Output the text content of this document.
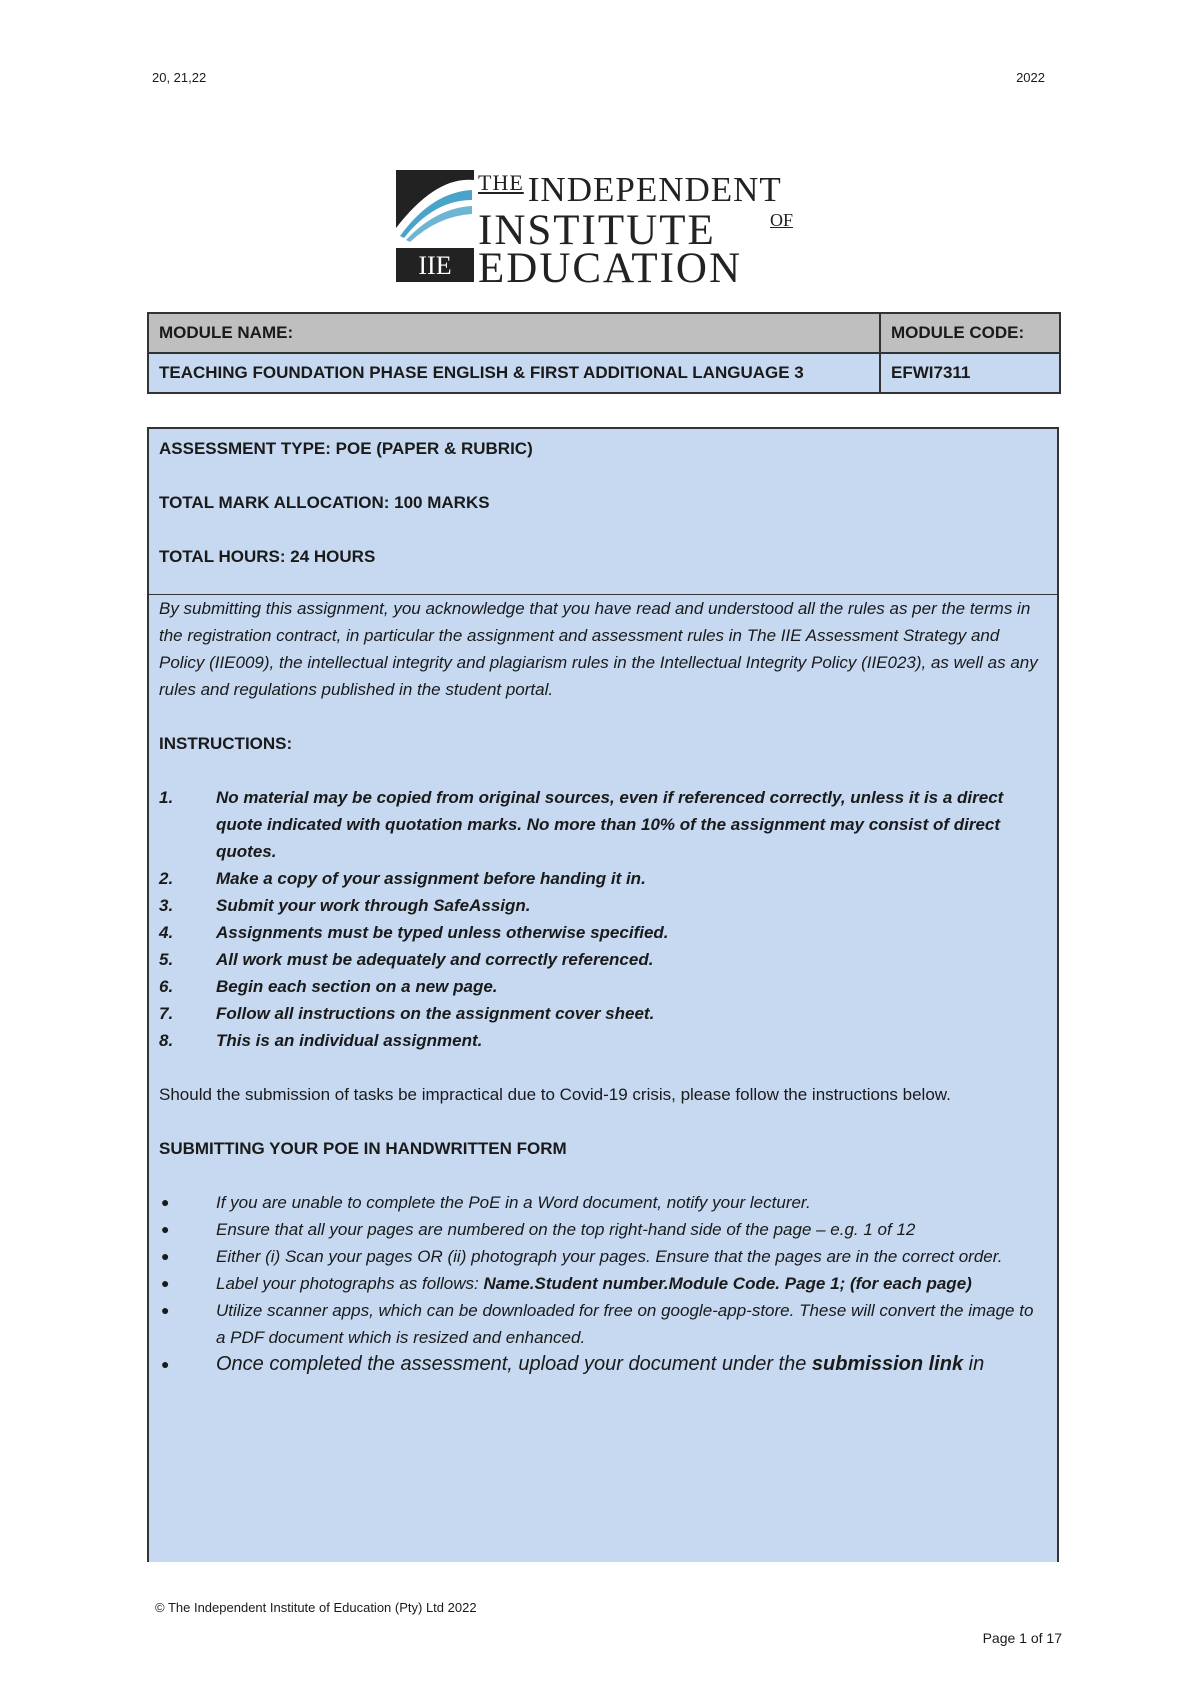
20, 21,22	2022
IIE
THE INDEPENDENT
INSTITUTE	OF
EDUCATION
MODULE NAME:	MODULE CODE:
TEACHING FOUNDATION PHASE ENGLISH & FIRST ADDITIONAL LANGUAGE 3	EFWI7311

ASSESSMENT TYPE: POE (PAPER & RUBRIC)

TOTAL MARK ALLOCATION: 100 MARKS

TOTAL HOURS: 24 HOURS

By submitting this assignment, you acknowledge that you have read and understood all the rules as per the terms in the registration contract, in particular the assignment and assessment rules in The IIE Assessment Strategy and Policy (IIE009), the intellectual integrity and plagiarism rules in the Intellectual Integrity Policy (IIE023), as well as any rules and regulations published in the student portal.

INSTRUCTIONS:

1.	No material may be copied from original sources, even if referenced correctly, unless it is a direct quote indicated with quotation marks. No more than 10% of the assignment may consist of direct quotes.
2.	Make a copy of your assignment before handing it in.
3.	Submit your work through SafeAssign.
4.	Assignments must be typed unless otherwise specified.
5.	All work must be adequately and correctly referenced.
6.	Begin each section on a new page.
7.	Follow all instructions on the assignment cover sheet.
8.	This is an individual assignment.

Should the submission of tasks be impractical due to Covid-19 crisis, please follow the instructions below.

SUBMITTING YOUR POE IN HANDWRITTEN FORM

●	If you are unable to complete the PoE in a Word document, notify your lecturer.
●	Ensure that all your pages are numbered on the top right-hand side of the page – e.g. 1 of 12
●	Either (i) Scan your pages OR (ii) photograph your pages. Ensure that the pages are in the correct order.
●	Label your photographs as follows: Name.Student number.Module Code. Page 1; (for each page)
●	Utilize scanner apps, which can be downloaded for free on google-app-store. These will convert the image to a PDF document which is resized and enhanced.
● Once completed the assessment, upload your document under the submission link in
© The Independent Institute of Education (Pty) Ltd 2022
Page 1 of 17
